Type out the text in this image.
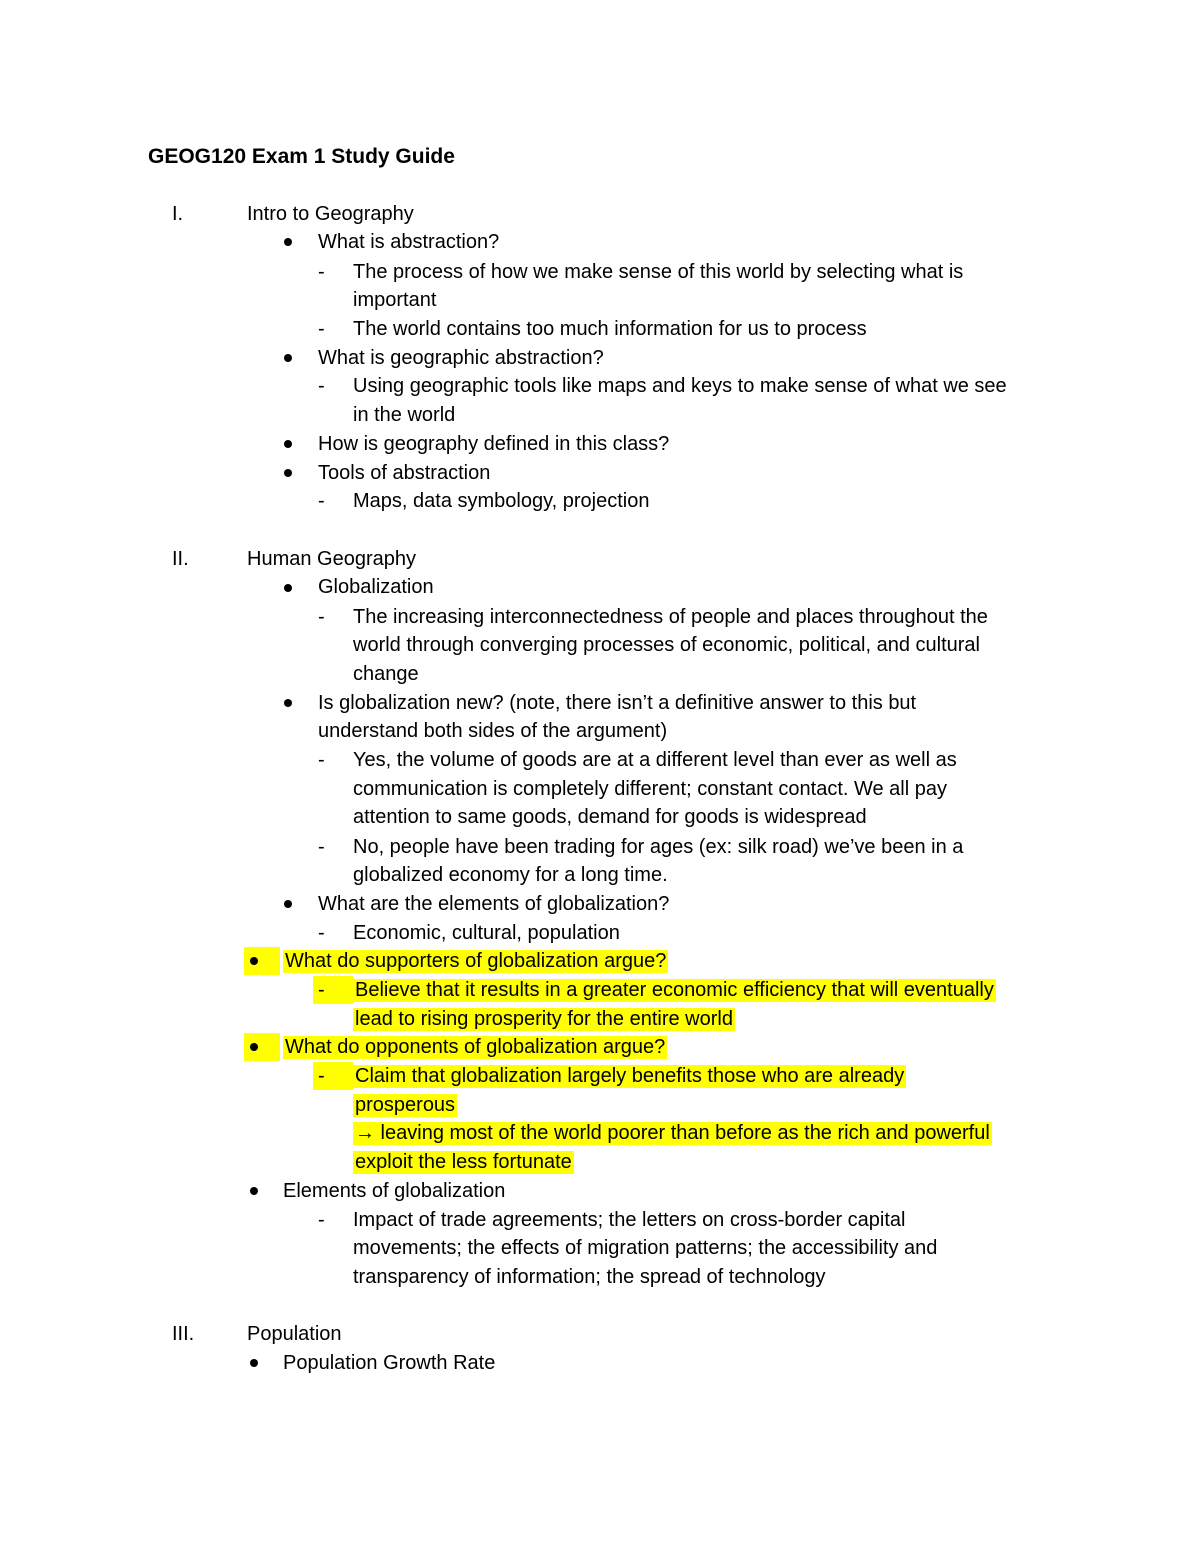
GEOG120 Exam 1 Study Guide
I.	Intro to Geography
What is abstraction?
- The process of how we make sense of this world by selecting what is
important
- The world contains too much information for us to process
What is geographic abstraction?
- Using geographic tools like maps and keys to make sense of what we see
in the world
How is geography defined in this class?
Tools of abstraction
- Maps, data symbology, projection
II.	Human Geography
Globalization
- The increasing interconnectedness of people and places throughout the
world through converging processes of economic, political, and cultural
change
Is globalization new? (note, there isn’t a definitive answer to this but
understand both sides of the argument)
- Yes, the volume of goods are at a different level than ever as well as
communication is completely different; constant contact. We all pay
attention to same goods, demand for goods is widespread
- No, people have been trading for ages (ex: silk road) we’ve been in a
globalized economy for a long time.
What are the elements of globalization?
- Economic, cultural, population
What do supporters of globalization argue?
- Believe that it results in a greater economic efficiency that will eventually
lead to rising prosperity for the entire world
What do opponents of globalization argue?
- Claim that globalization largely benefits those who are already
prosperous
→ leaving most of the world poorer than before as the rich and powerful
exploit the less fortunate
Elements of globalization
- Impact of trade agreements; the letters on cross-border capital
movements; the effects of migration patterns; the accessibility and
transparency of information; the spread of technology
III.	Population
Population Growth Rate
